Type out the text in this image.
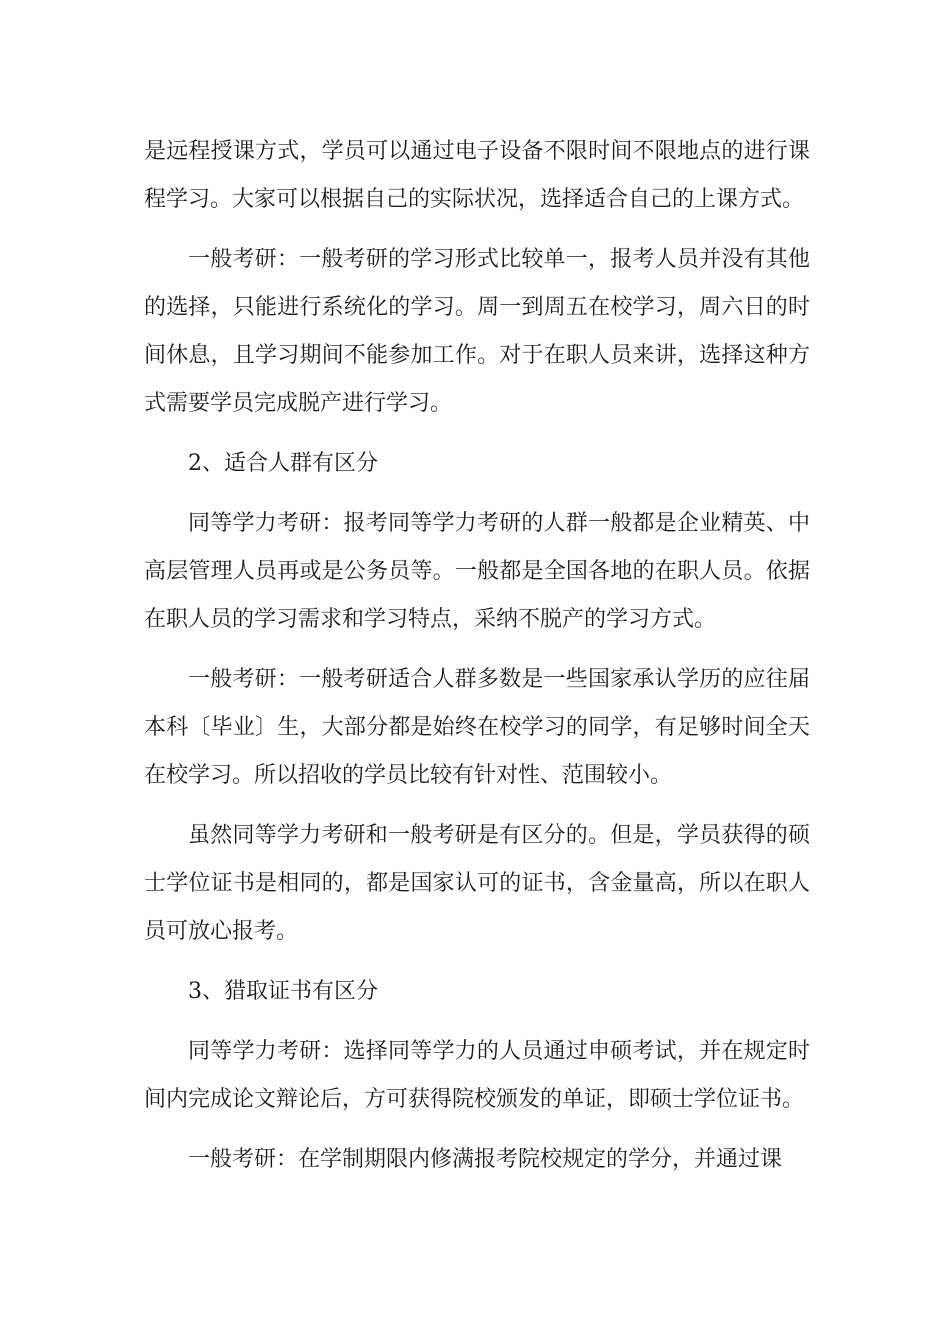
是远程授课方式，学员可以通过电子设备不限时间不限地点的进行课程学习。大家可以根据自己的实际状况，选择适合自己的上课方式。

一般考研：一般考研的学习形式比较单一，报考人员并没有其他的选择，只能进行系统化的学习。周一到周五在校学习，周六日的时间休息，且学习期间不能参加工作。对于在职人员来讲，选择这种方式需要学员完成脱产进行学习。

2、适合人群有区分

同等学力考研：报考同等学力考研的人群一般都是企业精英、中高层管理人员再或是公务员等。一般都是全国各地的在职人员。依据在职人员的学习需求和学习特点，采纳不脱产的学习方式。

一般考研：一般考研适合人群多数是一些国家承认学历的应往届本科〔毕业〕生，大部分都是始终在校学习的同学，有足够时间全天在校学习。所以招收的学员比较有针对性、范围较小。

虽然同等学力考研和一般考研是有区分的。但是，学员获得的硕士学位证书是相同的，都是国家认可的证书，含金量高，所以在职人员可放心报考。

3、猎取证书有区分

同等学力考研：选择同等学力的人员通过申硕考试，并在规定时间内完成论文辩论后，方可获得院校颁发的单证，即硕士学位证书。

一般考研：在学制期限内修满报考院校规定的学分，并通过课
